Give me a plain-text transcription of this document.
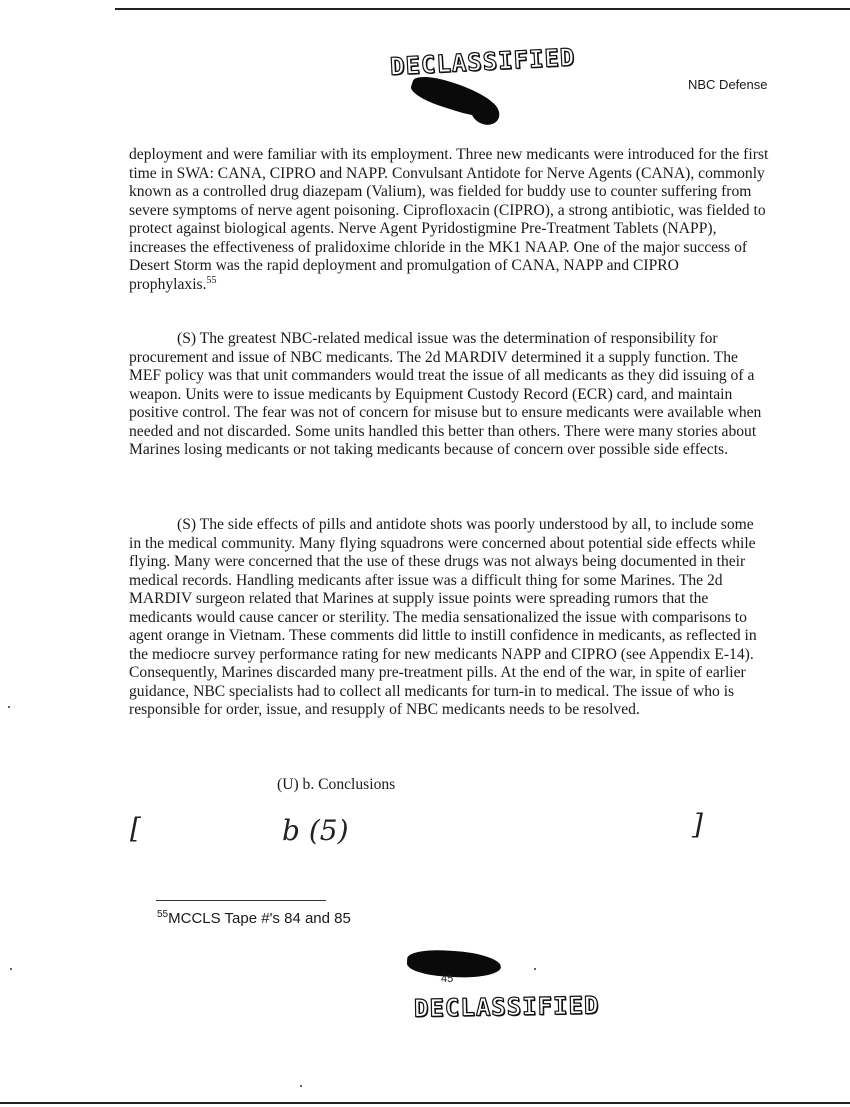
DECLASSIFIED
NBC Defense

deployment and were familiar with its employment. Three new medicants were introduced for the first time in SWA: CANA, CIPRO and NAPP. Convulsant Antidote for Nerve Agents (CANA), commonly known as a controlled drug diazepam (Valium), was fielded for buddy use to counter suffering from severe symptoms of nerve agent poisoning. Ciprofloxacin (CIPRO), a strong antibiotic, was fielded to protect against biological agents. Nerve Agent Pyridostigmine Pre-Treatment Tablets (NAPP), increases the effectiveness of pralidoxime chloride in the MK1 NAAP. One of the major success of Desert Storm was the rapid deployment and promulgation of CANA, NAPP and CIPRO prophylaxis.$^{55}$

(S) The greatest NBC-related medical issue was the determination of responsibility for procurement and issue of NBC medicants. The 2d MARDIV determined it a supply function. The MEF policy was that unit commanders would treat the issue of all medicants as they did issuing of a weapon. Units were to issue medicants by Equipment Custody Record (ECR) card, and maintain positive control. The fear was not of concern for misuse but to ensure medicants were available when needed and not discarded. Some units handled this better than others. There were many stories about Marines losing medicants or not taking medicants because of concern over possible side effects.

(S) The side effects of pills and antidote shots was poorly understood by all, to include some in the medical community. Many flying squadrons were concerned about potential side effects while flying. Many were concerned that the use of these drugs was not always being documented in their medical records. Handling medicants after issue was a difficult thing for some Marines. The 2d MARDIV surgeon related that Marines at supply issue points were spreading rumors that the medicants would cause cancer or sterility. The media sensationalized the issue with comparisons to agent orange in Vietnam. These comments did little to instill confidence in medicants, as reflected in the mediocre survey performance rating for new medicants NAPP and CIPRO (see Appendix E-14). Consequently, Marines discarded many pre-treatment pills. At the end of the war, in spite of earlier guidance, NBC specialists had to collect all medicants for turn-in to medical. The issue of who is responsible for order, issue, and resupply of NBC medicants needs to be resolved.

(U) b. Conclusions
[	b (5)	]
$^{55}$MCCLS Tape #'s 84 and 85
45
DECLASSIFIED
